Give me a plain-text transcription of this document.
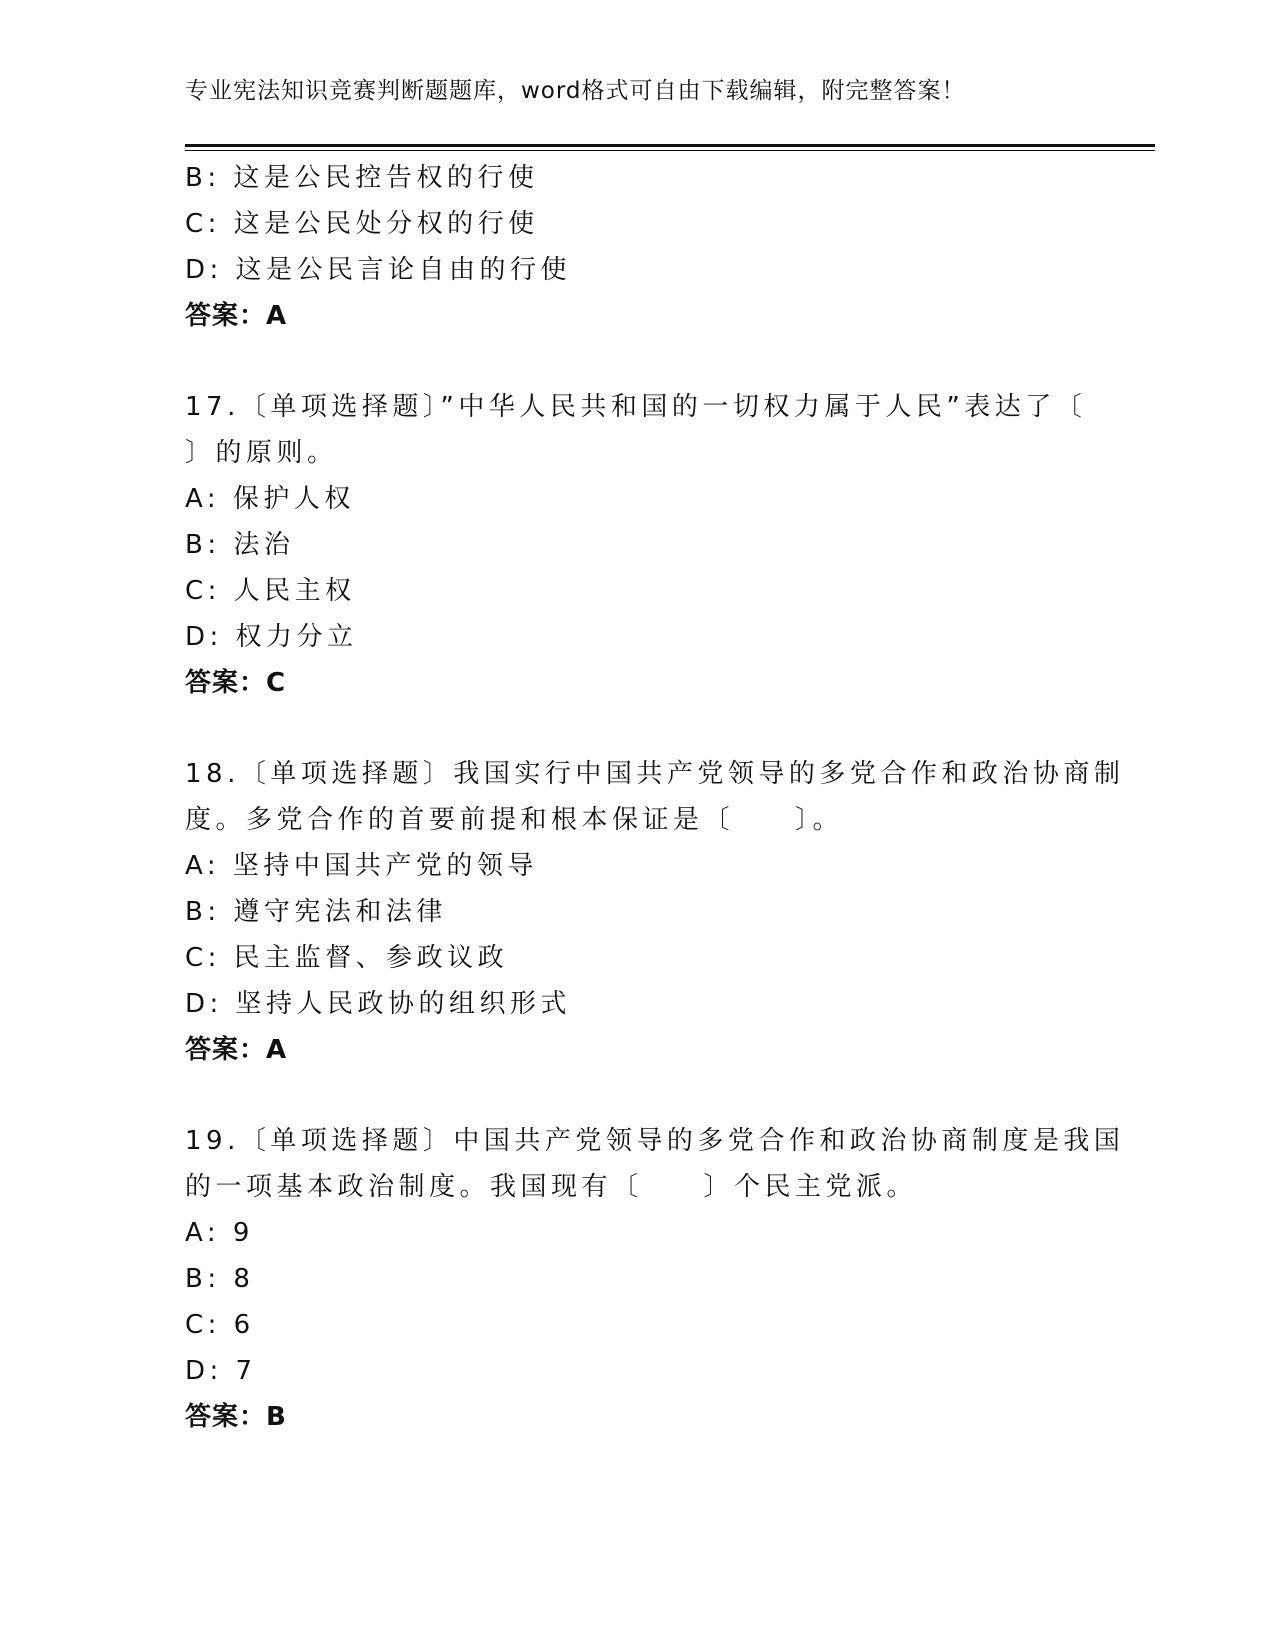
专业宪法知识竞赛判断题题库，word格式可自由下载编辑，附完整答案！
B: 这是公民控告权的行使
C: 这是公民处分权的行使
D: 这是公民言论自由的行使
答案：A
17.〔单项选择题〕”中华人民共和国的一切权力属于人民”表达了〔
〕的原则。
A: 保护人权
B: 法治
C: 人民主权
D: 权力分立
答案：C
18.〔单项选择题〕我国实行中国共产党领导的多党合作和政治协商制
度。多党合作的首要前提和根本保证是〔　　〕。
A: 坚持中国共产党的领导
B: 遵守宪法和法律
C: 民主监督、参政议政
D: 坚持人民政协的组织形式
答案：A
19.〔单项选择题〕中国共产党领导的多党合作和政治协商制度是我国
的一项基本政治制度。我国现有〔　　〕个民主党派。
A: 9
B: 8
C: 6
D: 7
答案：B
